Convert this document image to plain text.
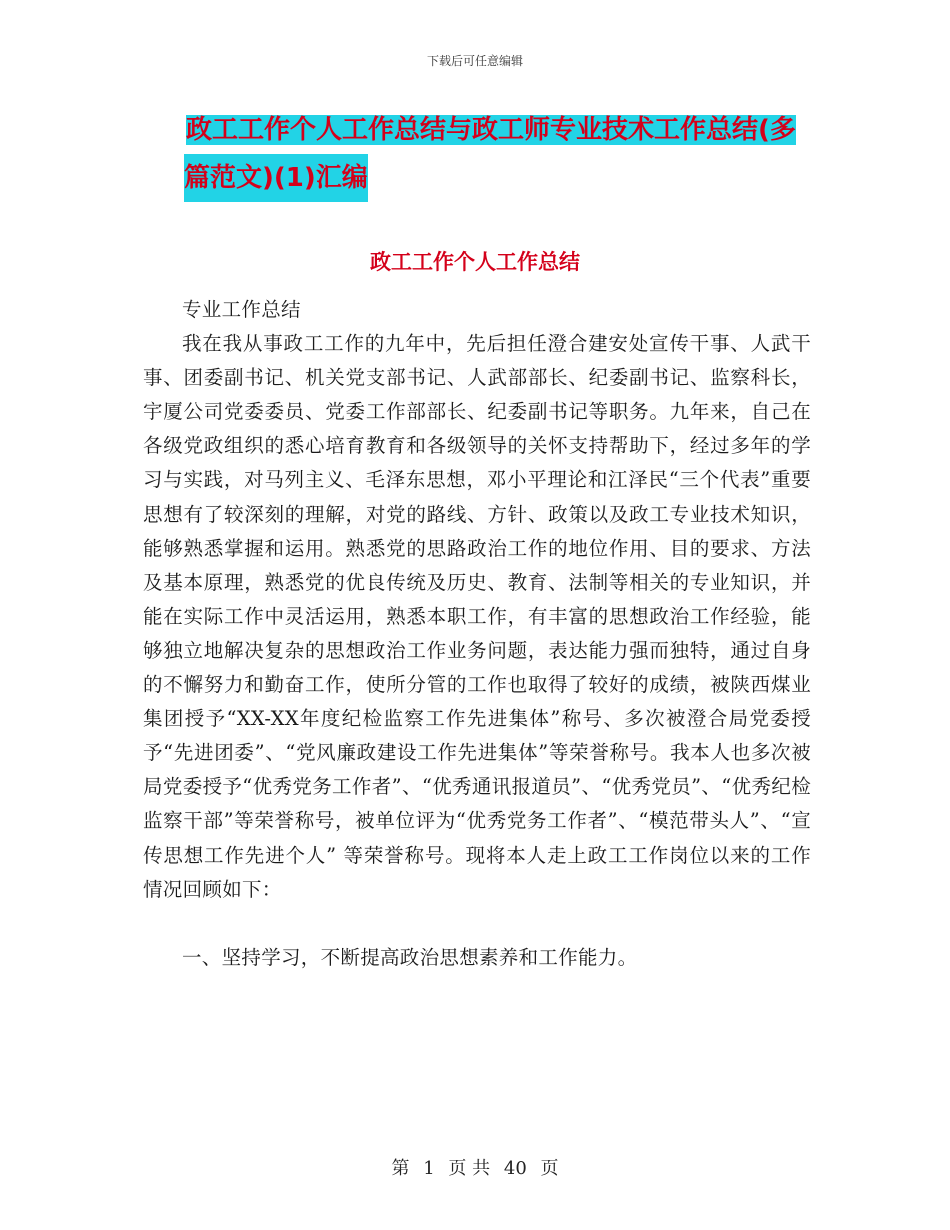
下载后可任意编辑
政工工作个人工作总结与政工师专业技术工作总结(多
篇范文)(1)汇编
政工工作个人工作总结

专业工作总结

我在我从事政工工作的九年中，先后担任澄合建安处宣传干事、人武干事、团委副书记、机关党支部书记、人武部部长、纪委副书记、监察科长，宇厦公司党委委员、党委工作部部长、纪委副书记等职务。九年来，自己在各级党政组织的悉心培育教育和各级领导的关怀支持帮助下，经过多年的学习与实践，对马列主义、毛泽东思想，邓小平理论和江泽民“三个代表”重要思想有了较深刻的理解，对党的路线、方针、政策以及政工专业技术知识，能够熟悉掌握和运用。熟悉党的思路政治工作的地位作用、目的要求、方法及基本原理，熟悉党的优良传统及历史、教育、法制等相关的专业知识，并能在实际工作中灵活运用，熟悉本职工作，有丰富的思想政治工作经验，能够独立地解决复杂的思想政治工作业务问题，表达能力强而独特，通过自身的不懈努力和勤奋工作，使所分管的工作也取得了较好的成绩，被陕西煤业集团授予“XX-XX年度纪检监察工作先进集体”称号、多次被澄合局党委授予“先进团委”、“党风廉政建设工作先进集体”等荣誉称号。我本人也多次被局党委授予“优秀党务工作者”、“优秀通讯报道员”、“优秀党员”、“优秀纪检监察干部”等荣誉称号，被单位评为“优秀党务工作者”、“模范带头人”、“宣传思想工作先进个人” 等荣誉称号。现将本人走上政工工作岗位以来的工作情况回顾如下：

一、坚持学习，不断提高政治思想素养和工作能力。

第 1 页 共 40 页
